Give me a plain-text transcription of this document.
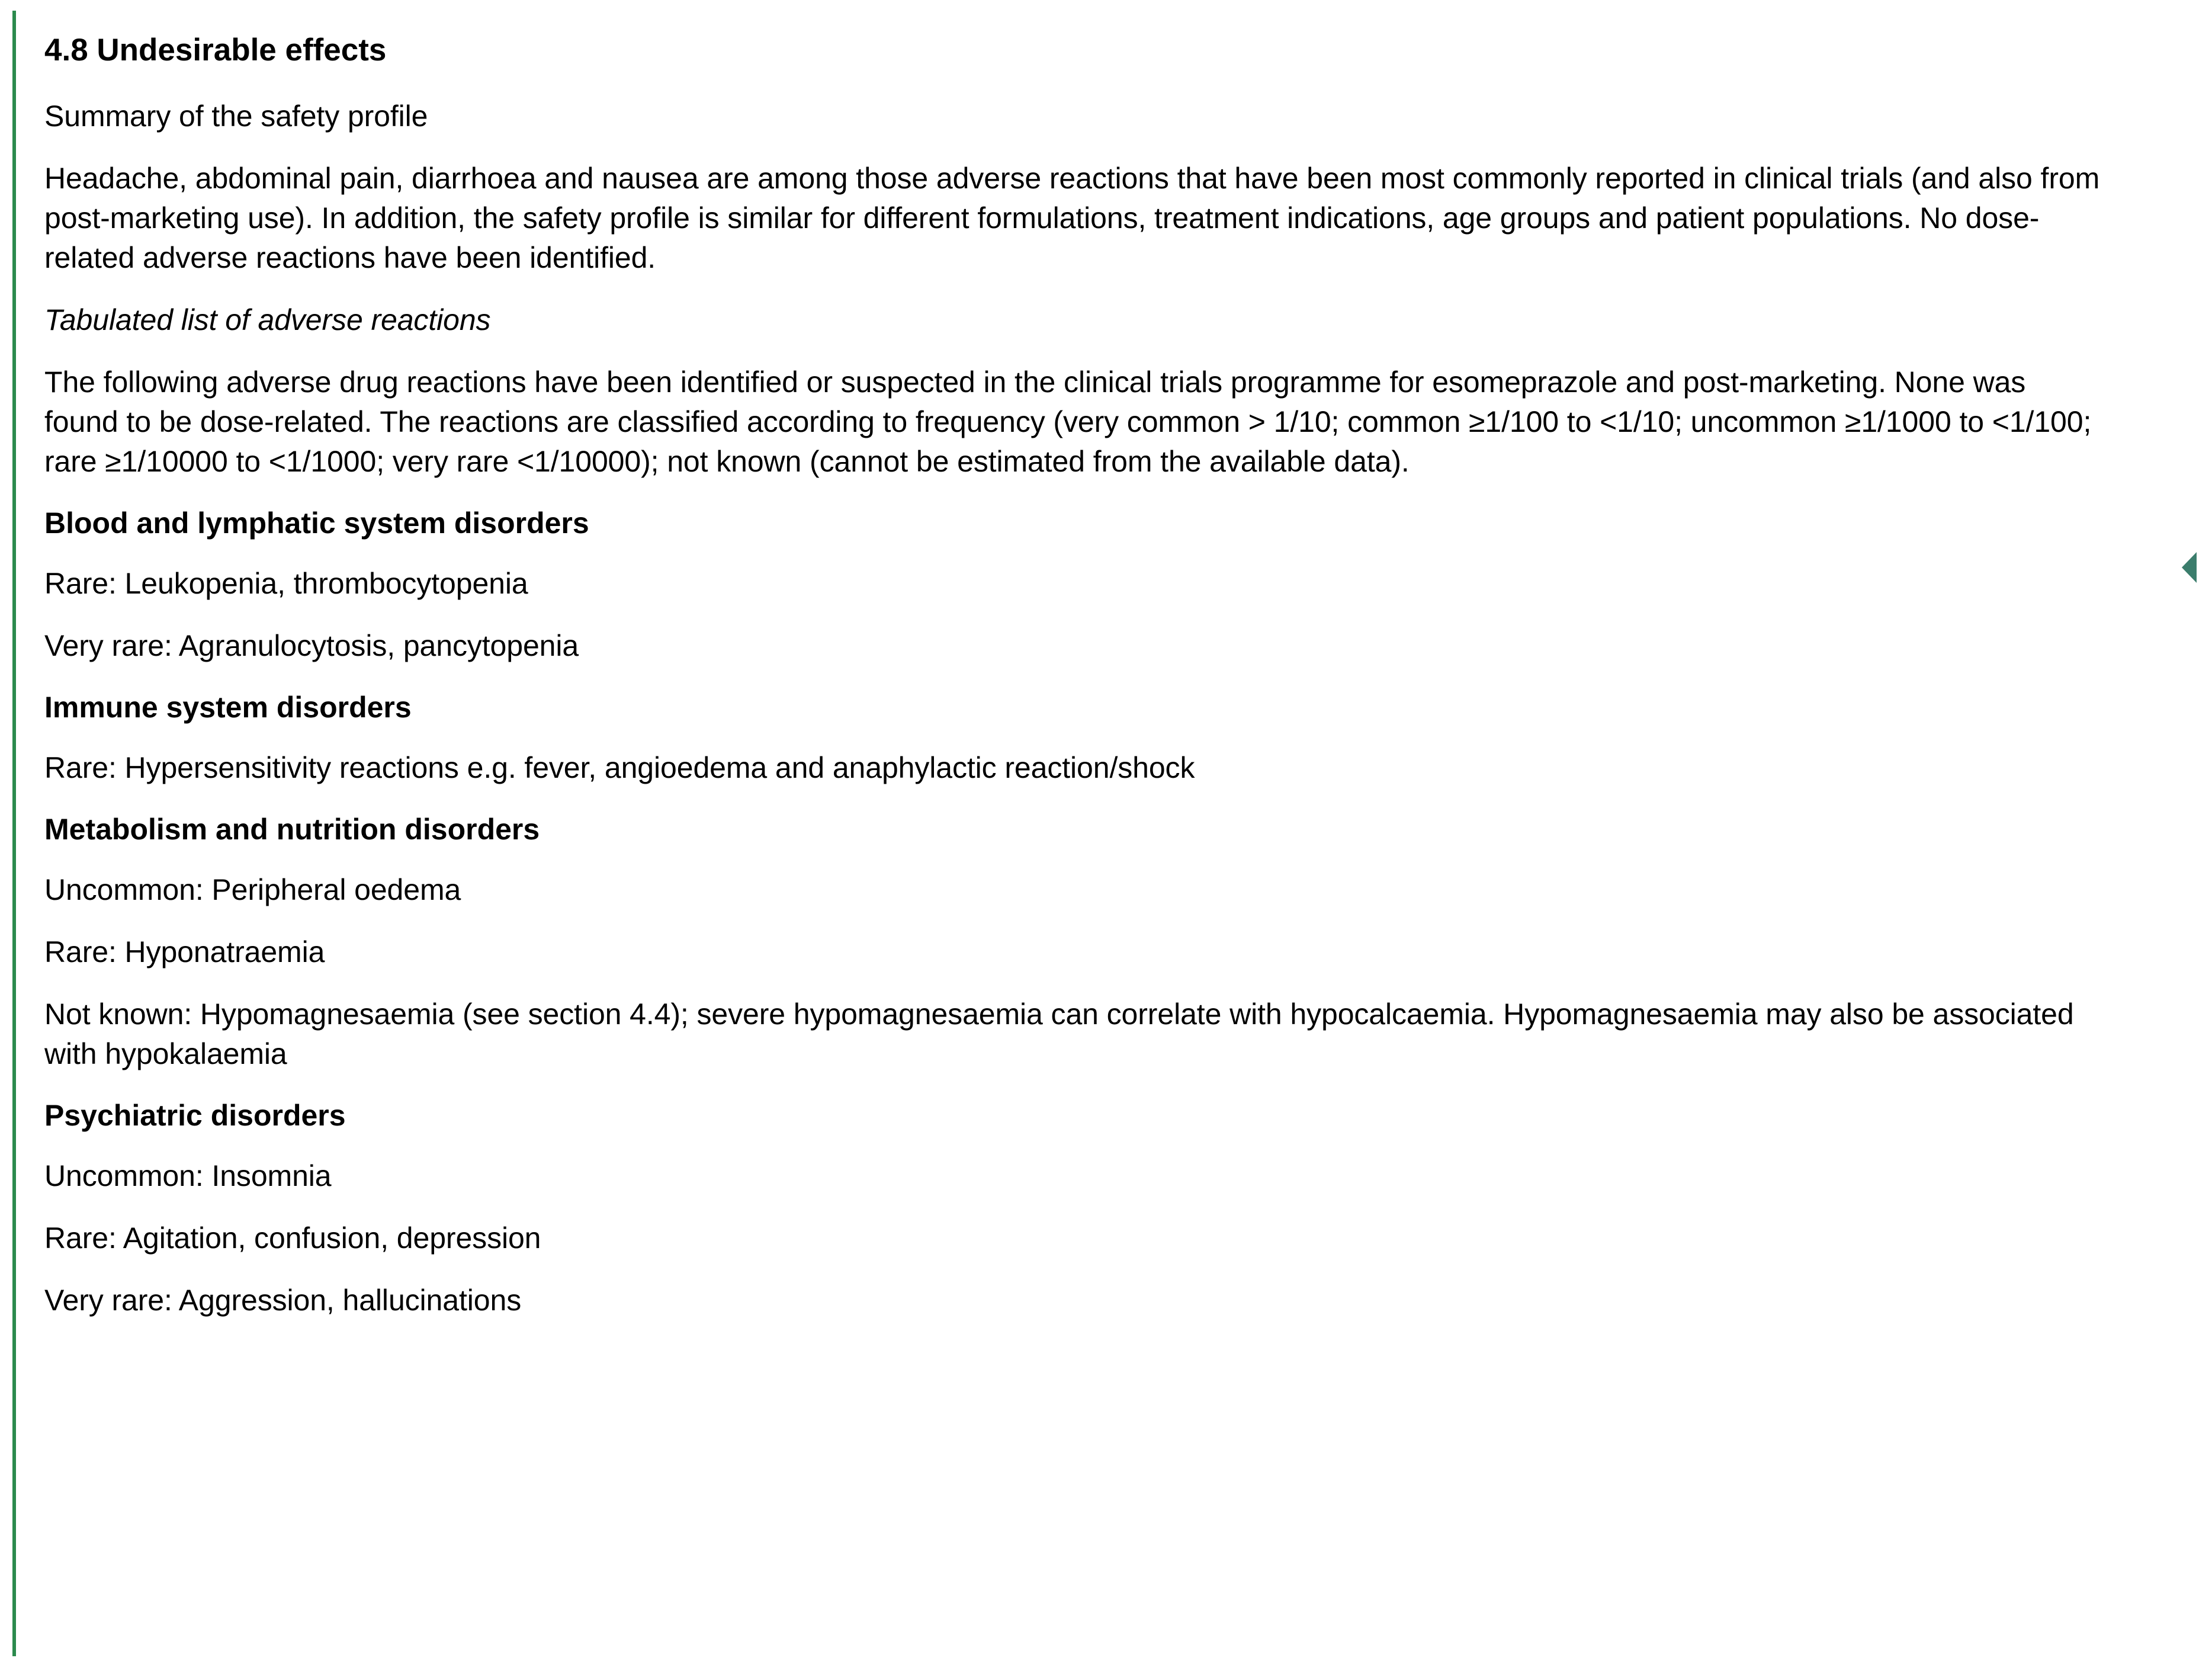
4.8 Undesirable effects

Summary of the safety profile

Headache, abdominal pain, diarrhoea and nausea are among those adverse reactions that have been most commonly reported in clinical trials (and also from post-marketing use). In addition, the safety profile is similar for different formulations, treatment indications, age groups and patient populations. No dose-related adverse reactions have been identified.

Tabulated list of adverse reactions

The following adverse drug reactions have been identified or suspected in the clinical trials programme for esomeprazole and post-marketing. None was found to be dose-related. The reactions are classified according to frequency (very common > 1/10; common ≥1/100 to <1/10; uncommon ≥1/1000 to <1/100; rare ≥1/10000 to <1/1000; very rare <1/10000); not known (cannot be estimated from the available data).

Blood and lymphatic system disorders

Rare: Leukopenia, thrombocytopenia

Very rare: Agranulocytosis, pancytopenia

Immune system disorders

Rare: Hypersensitivity reactions e.g. fever, angioedema and anaphylactic reaction/shock

Metabolism and nutrition disorders

Uncommon: Peripheral oedema

Rare: Hyponatraemia

Not known: Hypomagnesaemia (see section 4.4); severe hypomagnesaemia can correlate with hypocalcaemia. Hypomagnesaemia may also be associated with hypokalaemia

Psychiatric disorders

Uncommon: Insomnia

Rare: Agitation, confusion, depression

Very rare: Aggression, hallucinations
